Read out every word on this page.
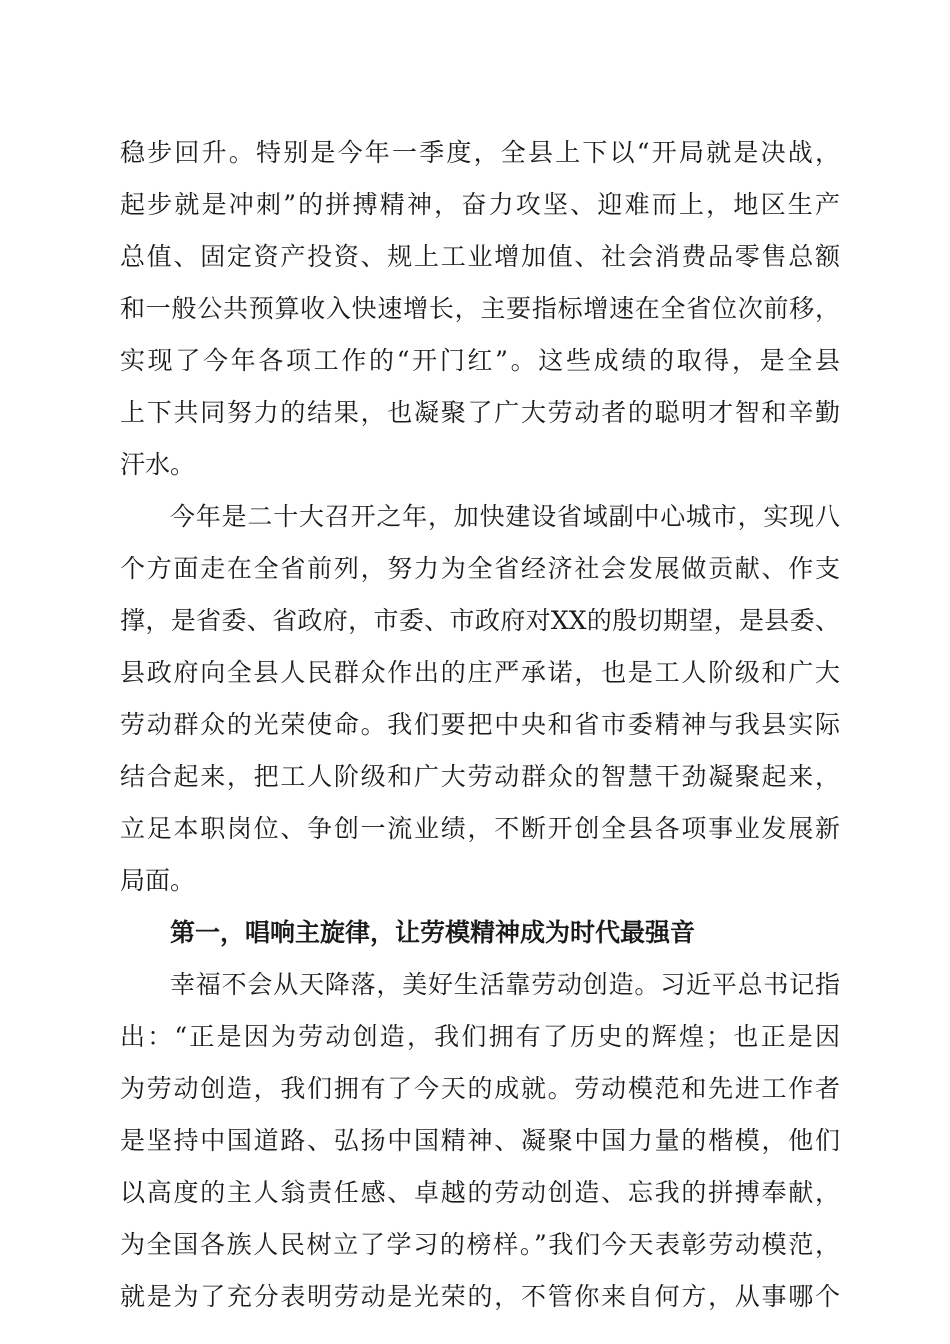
稳步回升。特别是今年一季度，全县上下以“开局就是决战，
起步就是冲刺”的拼搏精神，奋力攻坚、迎难而上，地区生产
总值、固定资产投资、规上工业增加值、社会消费品零售总额
和一般公共预算收入快速增长，主要指标增速在全省位次前移，
实现了今年各项工作的“开门红”。这些成绩的取得，是全县
上下共同努力的结果，也凝聚了广大劳动者的聪明才智和辛勤
汗水。
今年是二十大召开之年，加快建设省域副中心城市，实现八
个方面走在全省前列，努力为全省经济社会发展做贡献、作支
撑，是省委、省政府，市委、市政府对XX的殷切期望，是县委、
县政府向全县人民群众作出的庄严承诺，也是工人阶级和广大
劳动群众的光荣使命。我们要把中央和省市委精神与我县实际
结合起来，把工人阶级和广大劳动群众的智慧干劲凝聚起来，
立足本职岗位、争创一流业绩，不断开创全县各项事业发展新
局面。
第一，唱响主旋律，让劳模精神成为时代最强音
幸福不会从天降落，美好生活靠劳动创造。习近平总书记指
出：“正是因为劳动创造，我们拥有了历史的辉煌；也正是因
为劳动创造，我们拥有了今天的成就。劳动模范和先进工作者
是坚持中国道路、弘扬中国精神、凝聚中国力量的楷模，他们
以高度的主人翁责任感、卓越的劳动创造、忘我的拼搏奉献，
为全国各族人民树立了学习的榜样。”我们今天表彰劳动模范，
就是为了充分表明劳动是光荣的，不管你来自何方，从事哪个
